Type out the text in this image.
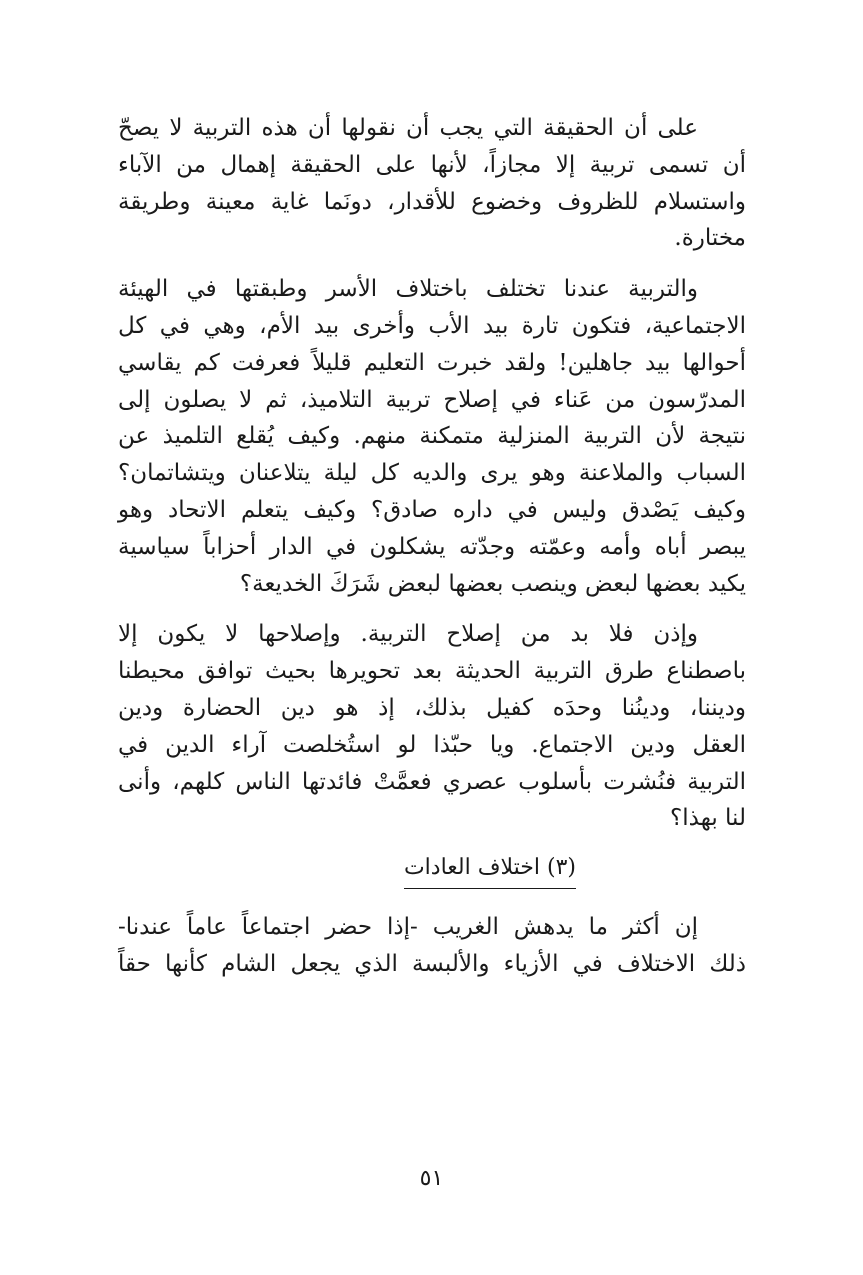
على أن الحقيقة التي يجب أن نقولها أن هذه التربية لا يصحّ
أن تسمى تربية إلا مجازاً، لأنها على الحقيقة إهمال من الآباء
واستسلام للظروف وخضوع للأقدار، دونَما غاية معينة وطريقة
مختارة.

والتربية عندنا تختلف باختلاف الأسر وطبقتها في الهيئة
الاجتماعية، فتكون تارة بيد الأب وأخرى بيد الأم، وهي في كل
أحوالها بيد جاهلين! ولقد خبرت التعليم قليلاً فعرفت كم يقاسي
المدرّسون من عَناء في إصلاح تربية التلاميذ، ثم لا يصلون إلى
نتيجة لأن التربية المنزلية متمكنة منهم. وكيف يُقلع التلميذ عن
السباب والملاعنة وهو يرى والديه كل ليلة يتلاعنان ويتشاتمان؟
وكيف يَصْدق وليس في داره صادق؟ وكيف يتعلم الاتحاد وهو
يبصر أباه وأمه وعمّته وجدّته يشكلون في الدار أحزاباً سياسية
يكيد بعضها لبعض وينصب بعضها لبعض شَرَكَ الخديعة؟

وإذن فلا بد من إصلاح التربية. وإصلاحها لا يكون إلا
باصطناع طرق التربية الحديثة بعد تحويرها بحيث توافق محيطنا
وديننا، ودينُنا وحدَه كفيل بذلك، إذ هو دين الحضارة ودين
العقل ودين الاجتماع. ويا حبّذا لو استُخلصت آراء الدين في
التربية فنُشرت بأسلوب عصري فعمَّتْ فائدتها الناس كلهم، وأنى
لنا بهذا؟

(٣) اختلاف العادات

إن أكثر ما يدهش الغريب -إذا حضر اجتماعاً عاماً عندنا-
ذلك الاختلاف في الأزياء والألبسة الذي يجعل الشام كأنها حقاً

٥١
